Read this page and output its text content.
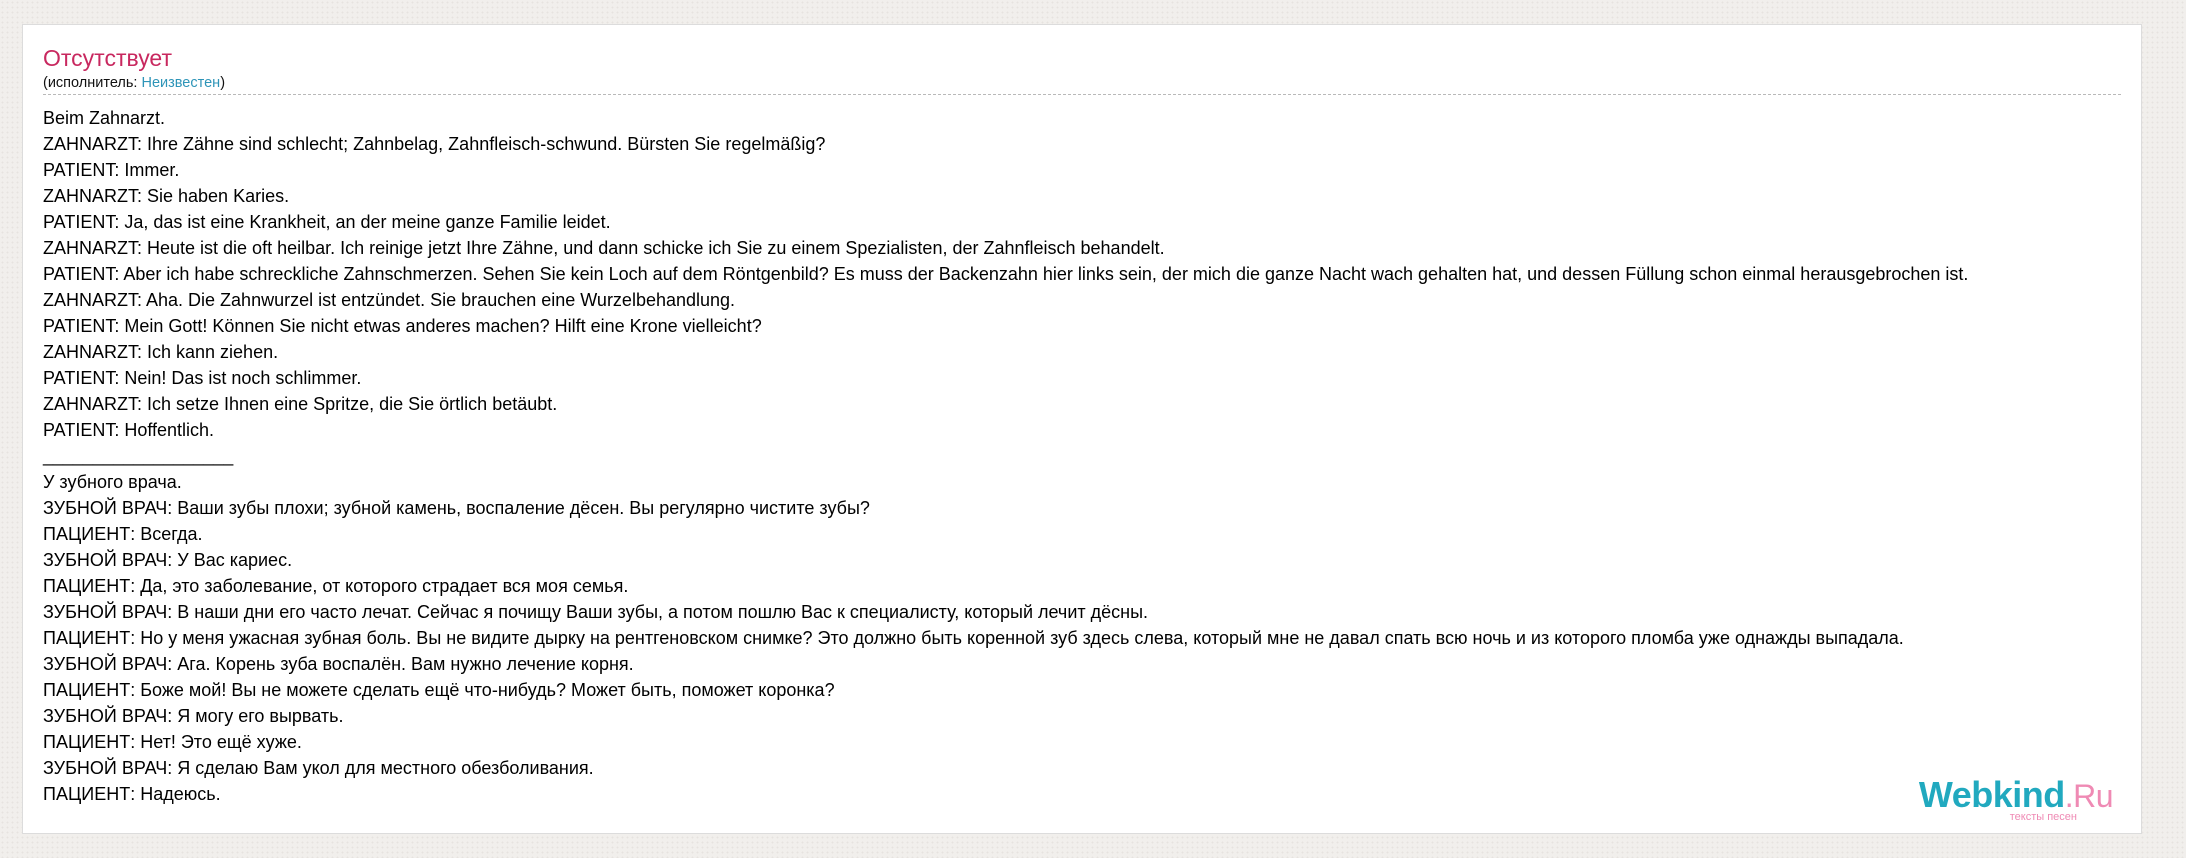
Отсутствует
(исполнитель: Неизвестен)
Beim Zahnarzt.
ZAHNARZT: Ihre Zähne sind schlecht; Zahnbelag, Zahnfleisch-schwund. Bürsten Sie regelmäßig?
PATIENT: Immer.
ZAHNARZT: Sie haben Karies.
PATIENT: Ja, das ist eine Krankheit, an der meine ganze Familie leidet.
ZAHNARZT: Heute ist die oft heilbar. Ich reinige jetzt Ihre Zähne, und dann schicke ich Sie zu einem Spezialisten, der Zahnfleisch behandelt.
PATIENT: Aber ich habe schreckliche Zahnschmerzen. Sehen Sie kein Loch auf dem Röntgenbild? Es muss der Backenzahn hier links sein, der mich die ganze Nacht wach gehalten hat, und dessen Füllung schon einmal herausgebrochen ist.
ZAHNARZT: Aha. Die Zahnwurzel ist entzündet. Sie brauchen eine Wurzelbehandlung.
PATIENT: Mein Gott! Können Sie nicht etwas anderes machen? Hilft eine Krone vielleicht?
ZAHNARZT: Ich kann ziehen.
PATIENT: Nein! Das ist noch schlimmer.
ZAHNARZT: Ich setze Ihnen eine Spritze, die Sie örtlich betäubt.
PATIENT: Hoffentlich.
___________________
У зубного врача.
ЗУБНОЙ ВРАЧ: Ваши зубы плохи; зубной камень, воспаление дёсен. Вы регулярно чистите зубы?
ПАЦИЕНТ: Всегда.
ЗУБНОЙ ВРАЧ: У Вас кариес.
ПАЦИЕНТ: Да, это заболевание, от которого страдает вся моя семья.
ЗУБНОЙ ВРАЧ: В наши дни его часто лечат. Сейчас я почищу Ваши зубы, а потом пошлю Вас к специалисту, который лечит дёсны.
ПАЦИЕНТ: Но у меня ужасная зубная боль. Вы не видите дырку на рентгеновском снимке? Это должно быть коренной зуб здесь слева, который мне не давал спать всю ночь и из которого пломба уже однажды выпадала.
ЗУБНОЙ ВРАЧ: Ага. Корень зуба воспалён. Вам нужно лечение корня.
ПАЦИЕНТ: Боже мой! Вы не можете сделать ещё что-нибудь? Может быть, поможет коронка?
ЗУБНОЙ ВРАЧ: Я могу его вырвать.
ПАЦИЕНТ: Нет! Это ещё хуже.
ЗУБНОЙ ВРАЧ: Я сделаю Вам укол для местного обезболивания.
ПАЦИЕНТ: Надеюсь.	Webkind.Ru
тексты песен
